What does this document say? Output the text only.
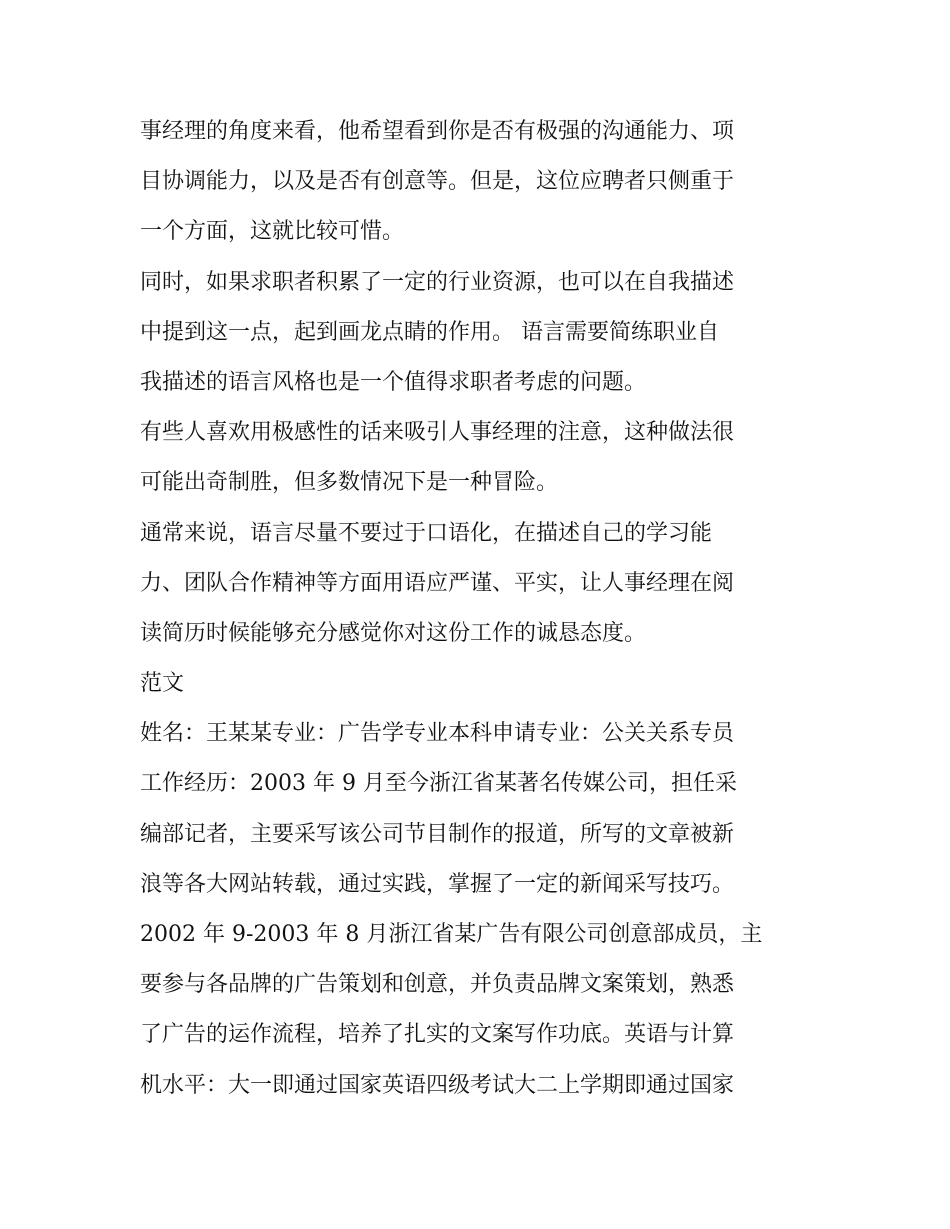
事经理的角度来看，他希望看到你是否有极强的沟通能力、项
目协调能力，以及是否有创意等。但是，这位应聘者只侧重于
一个方面，这就比较可惜。
同时，如果求职者积累了一定的行业资源，也可以在自我描述
中提到这一点，起到画龙点睛的作用。 语言需要简练职业自
我描述的语言风格也是一个值得求职者考虑的问题。
有些人喜欢用极感性的话来吸引人事经理的注意，这种做法很
可能出奇制胜，但多数情况下是一种冒险。
通常来说，语言尽量不要过于口语化，在描述自己的学习能
力、团队合作精神等方面用语应严谨、平实，让人事经理在阅
读简历时候能够充分感觉你对这份工作的诚恳态度。
范文
姓名：王某某专业：广告学专业本科申请专业：公关关系专员
工作经历：2003 年 9 月至今浙江省某著名传媒公司，担任采
编部记者，主要采写该公司节目制作的报道，所写的文章被新
浪等各大网站转载，通过实践，掌握了一定的新闻采写技巧。
2002 年 9-2003 年 8 月浙江省某广告有限公司创意部成员，主
要参与各品牌的广告策划和创意，并负责品牌文案策划，熟悉
了广告的运作流程，培养了扎实的文案写作功底。英语与计算
机水平：大一即通过国家英语四级考试大二上学期即通过国家
